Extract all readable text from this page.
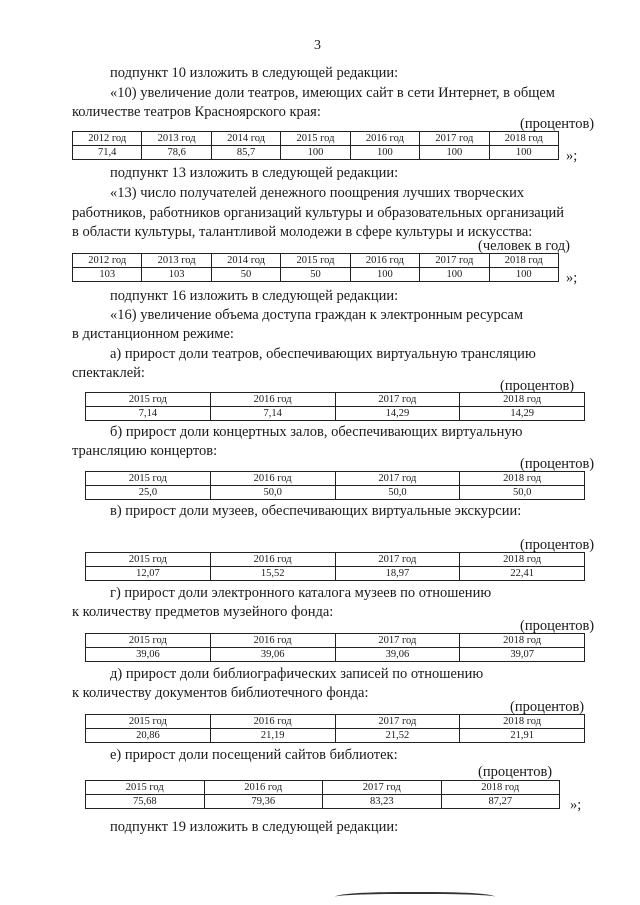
3
подпункт 10 изложить в следующей редакции:
«10) увеличение доли театров, имеющих сайт в сети Интернет, в общем
количестве театров Красноярского края:
(процентов)
2012 год	2013 год	2014 год	2015 год	2016 год	2017 год	2018 год
71,4	78,6	85,7	100	100	100	100 »;
подпункт 13 изложить в следующей редакции:
«13) число получателей денежного поощрения лучших творческих
работников, работников организаций культуры и образовательных организаций
в области культуры, талантливой молодежи в сфере культуры и искусства:
(человек в год)
2012 год	2013 год	2014 год	2015 год	2016 год	2017 год	2018 год
103	103	50	50	100	100	100 »;
подпункт 16 изложить в следующей редакции:
«16) увеличение объема доступа граждан к электронным ресурсам
в дистанционном режиме:
а) прирост доли театров, обеспечивающих виртуальную трансляцию
спектаклей:
(процентов)
2015 год	2016 год	2017 год	2018 год
7,14	7,14	14,29	14,29
б) прирост доли концертных залов, обеспечивающих виртуальную
трансляцию концертов:
(процентов)
2015 год	2016 год	2017 год	2018 год
25,0	50,0	50,0	50,0
в) прирост доли музеев, обеспечивающих виртуальные экскурсии:
(процентов)
2015 год	2016 год	2017 год	2018 год
12,07	15,52	18,97	22,41
г) прирост доли электронного каталога музеев по отношению
к количеству предметов музейного фонда:
(процентов)
2015 год	2016 год	2017 год	2018 год
39,06	39,06	39,06	39,07
д) прирост доли библиографических записей по отношению
к количеству документов библиотечного фонда:
(процентов)
2015 год	2016 год	2017 год	2018 год
20,86	21,19	21,52	21,91
е) прирост доли посещений сайтов библиотек:
(процентов)
2015 год	2016 год	2017 год	2018 год
75,68	79,36	83,23	87,27	»;
подпункт 19 изложить в следующей редакции:
